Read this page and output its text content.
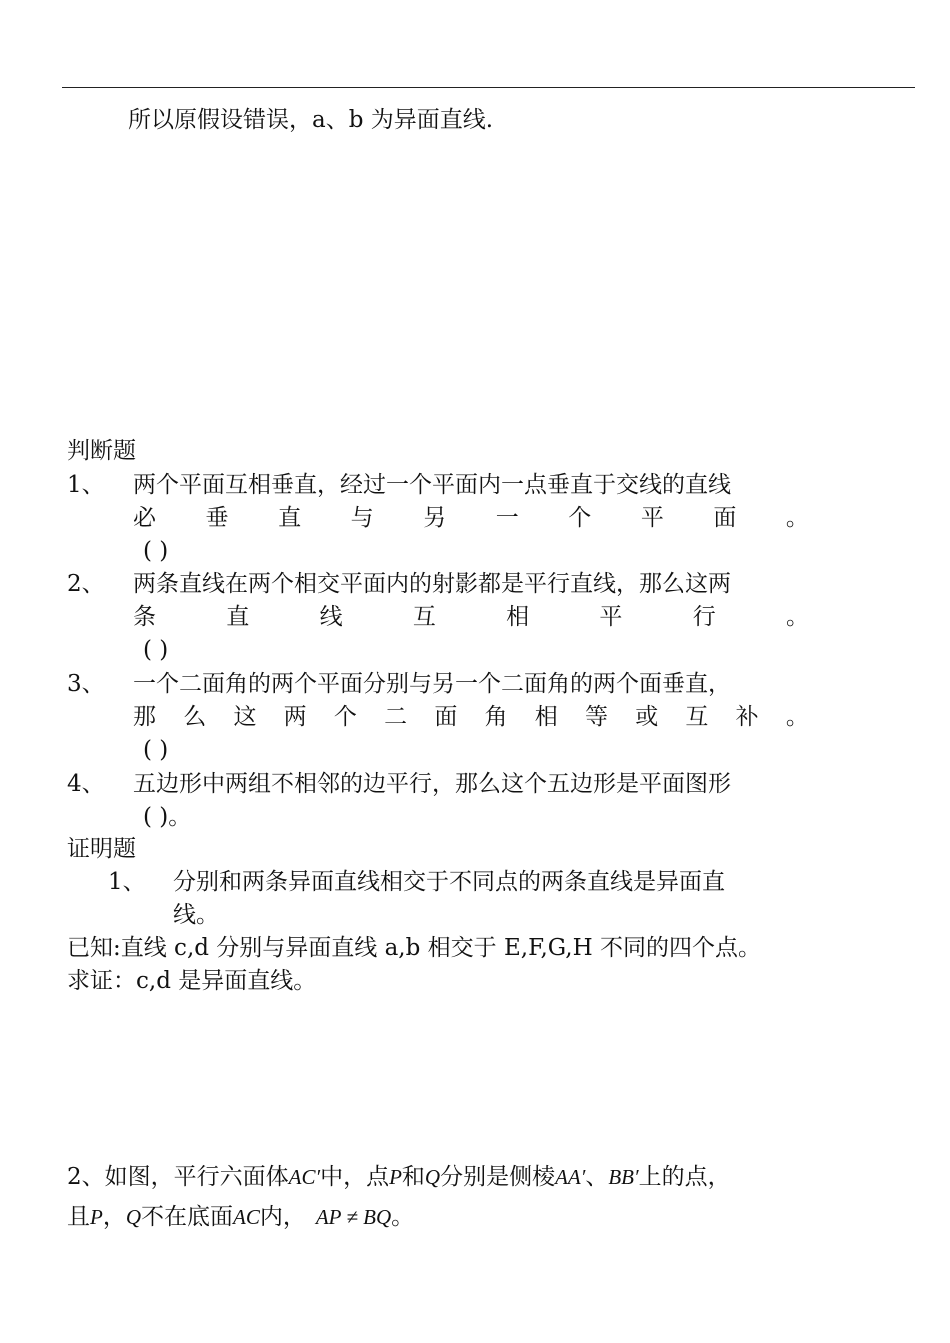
所以原假设错误，a、b 为异面直线.
判断题
1、 两个平面互相垂直，经过一个平面内一点垂直于交线的直线
必 垂 直 与 另 一 个 平 面 。
( )
2、 两条直线在两个相交平面内的射影都是平行直线，那么这两
条	直	线	互	相	平	行	。
( )
3、 一个二面角的两个平面分别与另一个二面角的两个面垂直，
那 么 这 两 个 二 面 角 相 等 或 互 补 。
( )
4、 五边形中两组不相邻的边平行，那么这个五边形是平面图形
( )。
证明题
1、 分别和两条异面直线相交于不同点的两条直线是异面直
线。
已知:直线 c,d 分别与异面直线 a,b 相交于 E,F,G,H 不同的四个点。
求证：c,d 是异面直线。
2、如图，平行六面体AC′中，点P和Q分别是侧棱AA′、BB′上的点，
且P，Q不在底面AC内， AP ≠ BQ。
